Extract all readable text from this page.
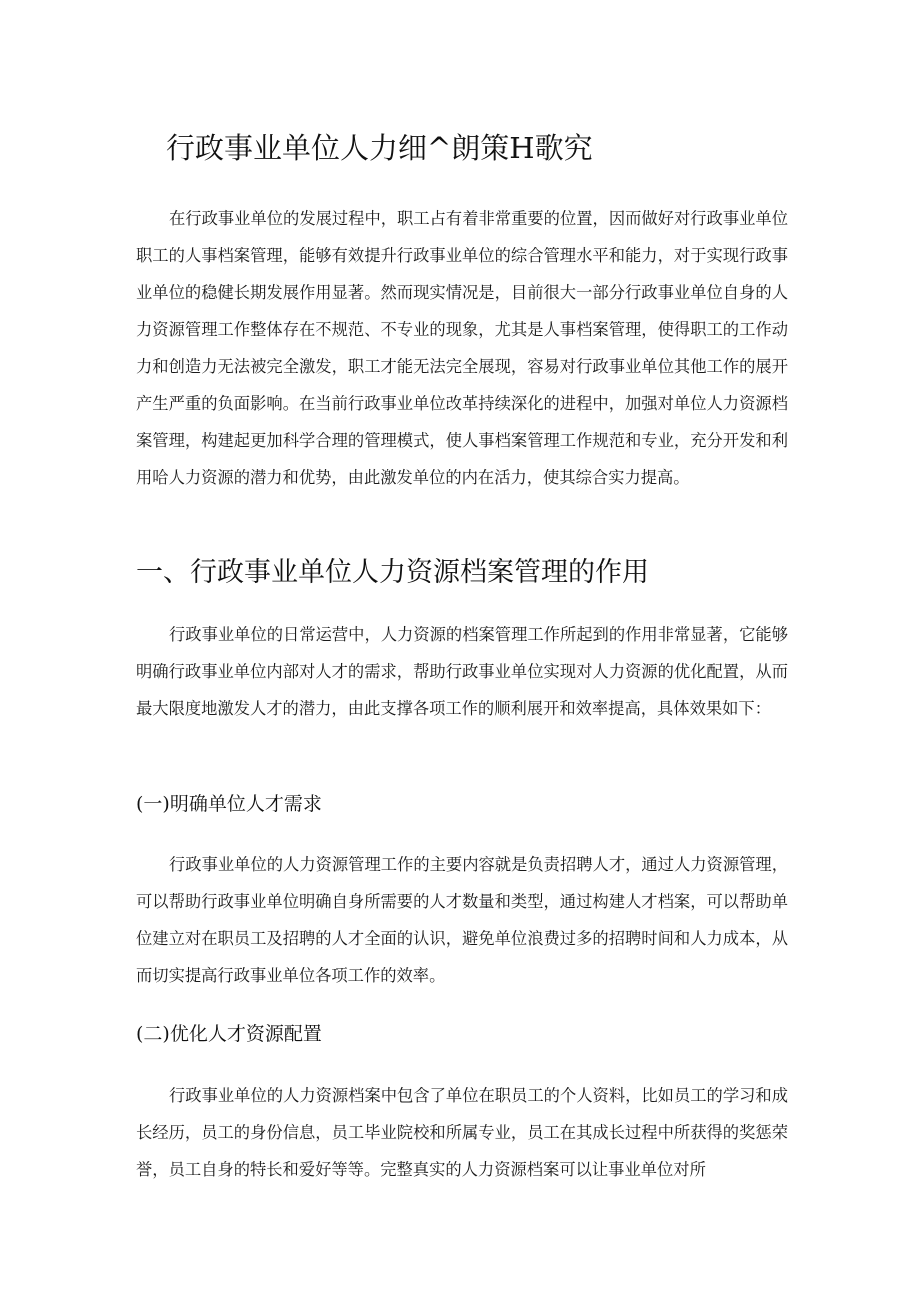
行政事业单位人力细^朗策H歌究

在行政事业单位的发展过程中，职工占有着非常重要的位置，因而做好对行政事业单位职工的人事档案管理，能够有效提升行政事业单位的综合管理水平和能力，对于实现行政事业单位的稳健长期发展作用显著。然而现实情况是，目前很大一部分行政事业单位自身的人力资源管理工作整体存在不规范、不专业的现象，尤其是人事档案管理，使得职工的工作动力和创造力无法被完全激发，职工才能无法完全展现，容易对行政事业单位其他工作的展开产生严重的负面影响。在当前行政事业单位改革持续深化的进程中，加强对单位人力资源档案管理，构建起更加科学合理的管理模式，使人事档案管理工作规范和专业，充分开发和利用哈人力资源的潜力和优势，由此激发单位的内在活力，使其综合实力提高。

一、行政事业单位人力资源档案管理的作用

行政事业单位的日常运营中，人力资源的档案管理工作所起到的作用非常显著，它能够明确行政事业单位内部对人才的需求，帮助行政事业单位实现对人力资源的优化配置，从而最大限度地激发人才的潜力，由此支撑各项工作的顺利展开和效率提高，具体效果如下：

(一)明确单位人才需求

行政事业单位的人力资源管理工作的主要内容就是负责招聘人才，通过人力资源管理，可以帮助行政事业单位明确自身所需要的人才数量和类型，通过构建人才档案，可以帮助单位建立对在职员工及招聘的人才全面的认识，避免单位浪费过多的招聘时间和人力成本，从而切实提高行政事业单位各项工作的效率。

(二)优化人才资源配置

行政事业单位的人力资源档案中包含了单位在职员工的个人资料，比如员工的学习和成长经历，员工的身份信息，员工毕业院校和所属专业，员工在其成长过程中所获得的奖惩荣誉，员工自身的特长和爱好等等。完整真实的人力资源档案可以让事业单位对所
